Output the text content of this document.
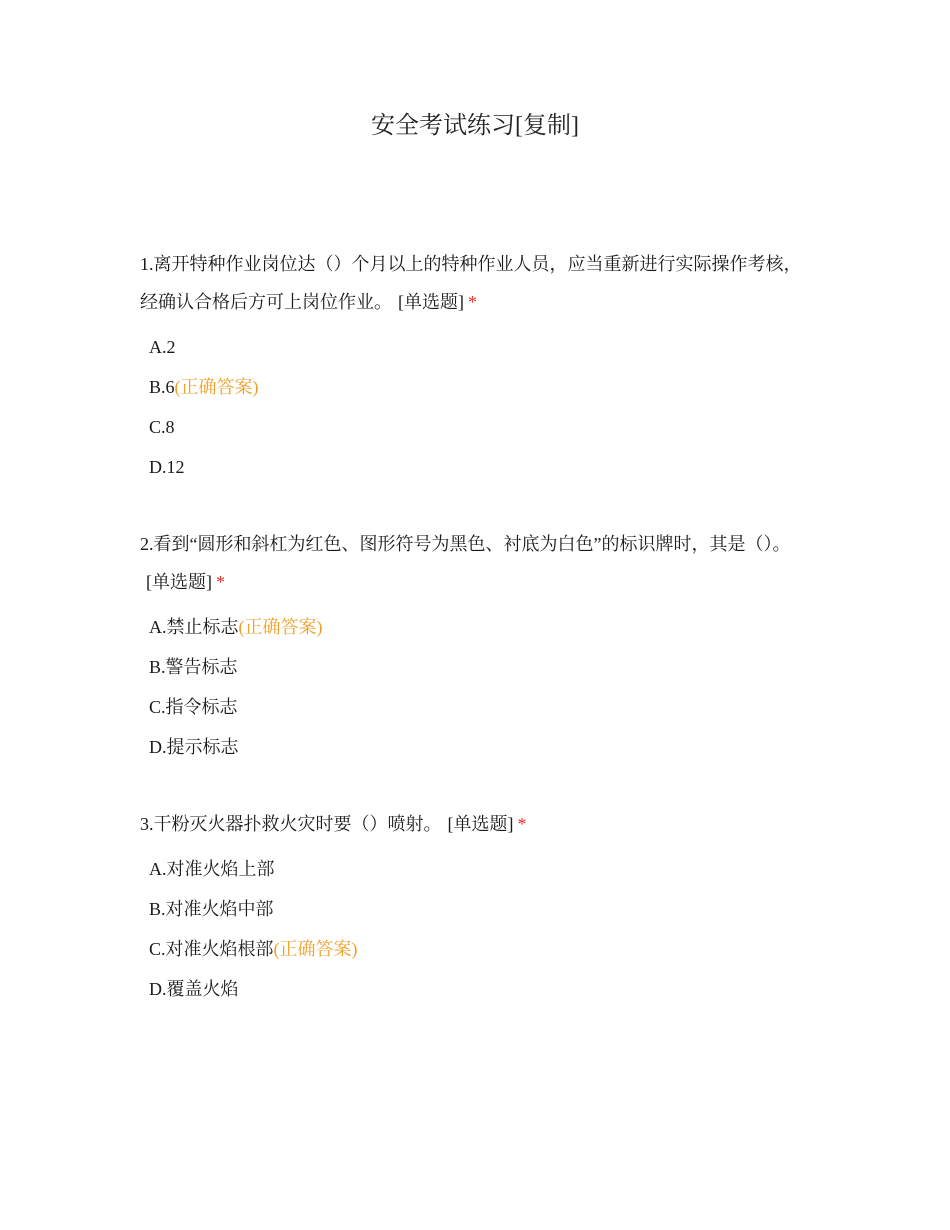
安全考试练习[复制]
1.离开特种作业岗位达（）个月以上的特种作业人员，应当重新进行实际操作考核，经确认合格后方可上岗位作业。 [单选题] *
A.2
B.6(正确答案)
C.8
D.12
2.看到“圆形和斜杠为红色、图形符号为黑色、衬底为白色”的标识牌时，其是（）。[单选题] *
A.禁止标志(正确答案)
B.警告标志
C.指令标志
D.提示标志
3.干粉灭火器扑救火灾时要（）喷射。 [单选题] *
A.对准火焰上部
B.对准火焰中部
C.对准火焰根部(正确答案)
D.覆盖火焰
